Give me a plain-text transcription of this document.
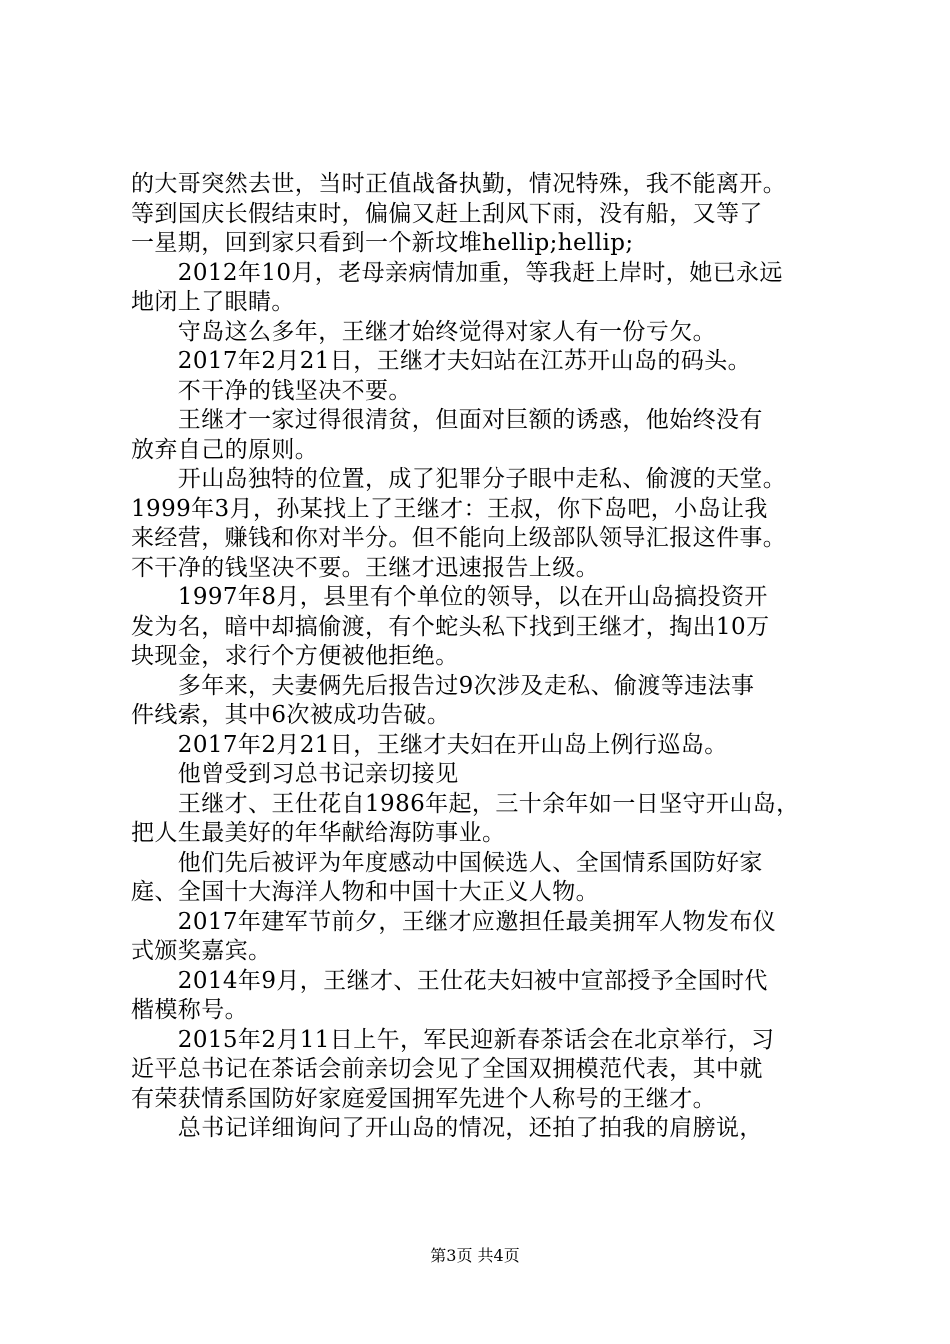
的大哥突然去世，当时正值战备执勤，情况特殊，我不能离开。
等到国庆长假结束时，偏偏又赶上刮风下雨，没有船，又等了
一星期，回到家只看到一个新坟堆hellip;hellip;
　　2012年10月，老母亲病情加重，等我赶上岸时，她已永远
地闭上了眼睛。
　　守岛这么多年，王继才始终觉得对家人有一份亏欠。
　　2017年2月21日，王继才夫妇站在江苏开山岛的码头。
　　不干净的钱坚决不要。
　　王继才一家过得很清贫，但面对巨额的诱惑，他始终没有
放弃自己的原则。
　　开山岛独特的位置，成了犯罪分子眼中走私、偷渡的天堂。
1999年3月，孙某找上了王继才：王叔，你下岛吧，小岛让我
来经营，赚钱和你对半分。但不能向上级部队领导汇报这件事。
不干净的钱坚决不要。王继才迅速报告上级。
　　1997年8月，县里有个单位的领导，以在开山岛搞投资开
发为名，暗中却搞偷渡，有个蛇头私下找到王继才，掏出10万
块现金，求行个方便被他拒绝。
　　多年来，夫妻俩先后报告过9次涉及走私、偷渡等违法事
件线索，其中6次被成功告破。
　　2017年2月21日，王继才夫妇在开山岛上例行巡岛。
　　他曾受到习总书记亲切接见
　　王继才、王仕花自1986年起，三十余年如一日坚守开山岛，
把人生最美好的年华献给海防事业。
　　他们先后被评为年度感动中国候选人、全国情系国防好家
庭、全国十大海洋人物和中国十大正义人物。
　　2017年建军节前夕，王继才应邀担任最美拥军人物发布仪
式颁奖嘉宾。
　　2014年9月，王继才、王仕花夫妇被中宣部授予全国时代
楷模称号。
　　2015年2月11日上午，军民迎新春茶话会在北京举行，习
近平总书记在茶话会前亲切会见了全国双拥模范代表，其中就
有荣获情系国防好家庭爱国拥军先进个人称号的王继才。
　　总书记详细询问了开山岛的情况，还拍了拍我的肩膀说，
第3页 共4页
